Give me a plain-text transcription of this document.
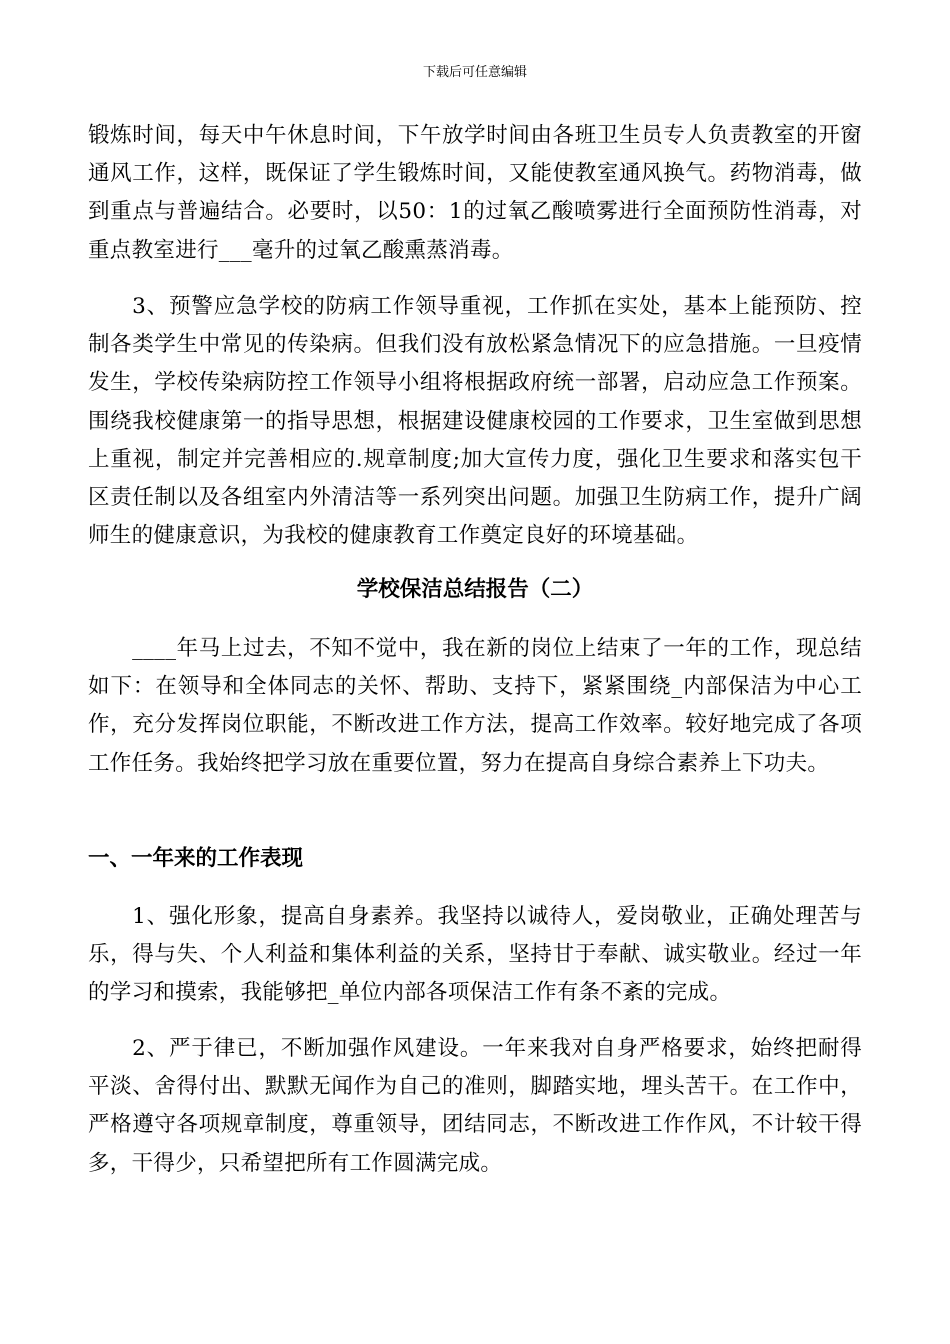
下载后可任意编辑

锻炼时间，每天中午休息时间，下午放学时间由各班卫生员专人负责教室的开窗通风工作，这样，既保证了学生锻炼时间，又能使教室通风换气。药物消毒，做到重点与普遍结合。必要时，以50：1的过氧乙酸喷雾进行全面预防性消毒，对重点教室进行___毫升的过氧乙酸熏蒸消毒。

3、预警应急学校的防病工作领导重视，工作抓在实处，基本上能预防、控制各类学生中常见的传染病。但我们没有放松紧急情况下的应急措施。一旦疫情发生，学校传染病防控工作领导小组将根据政府统一部署，启动应急工作预案。围绕我校健康第一的指导思想，根据建设健康校园的工作要求，卫生室做到思想上重视，制定并完善相应的.规章制度;加大宣传力度，强化卫生要求和落实包干区责任制以及各组室内外清洁等一系列突出问题。加强卫生防病工作，提升广阔师生的健康意识，为我校的健康教育工作奠定良好的环境基础。

学校保洁总结报告（二）

____年马上过去，不知不觉中，我在新的岗位上结束了一年的工作，现总结如下：在领导和全体同志的关怀、帮助、支持下，紧紧围绕_内部保洁为中心工作，充分发挥岗位职能，不断改进工作方法，提高工作效率。较好地完成了各项工作任务。我始终把学习放在重要位置，努力在提高自身综合素养上下功夫。

一、一年来的工作表现

1、强化形象，提高自身素养。我坚持以诚待人，爱岗敬业，正确处理苦与乐，得与失、个人利益和集体利益的关系，坚持甘于奉献、诚实敬业。经过一年的学习和摸索，我能够把_单位内部各项保洁工作有条不紊的完成。

2、严于律已，不断加强作风建设。一年来我对自身严格要求，始终把耐得平淡、舍得付出、默默无闻作为自己的准则，脚踏实地，埋头苦干。在工作中，严格遵守各项规章制度，尊重领导，团结同志，不断改进工作作风，不计较干得多，干得少，只希望把所有工作圆满完成。
